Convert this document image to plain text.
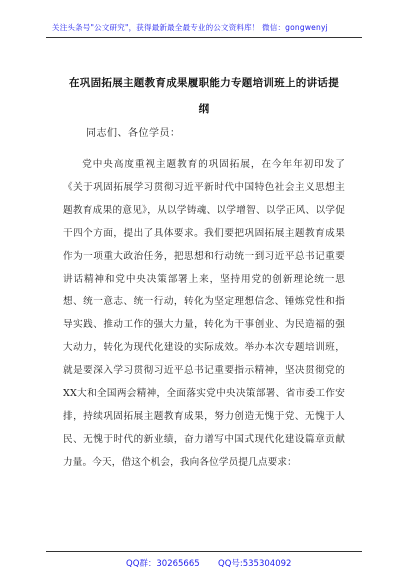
关注头条号"公文研究"，获得最新最全最专业的公文资料库！ 微信：gongwenyj
在巩固拓展主题教育成果履职能力专题培训班上的讲话提纲
同志们、各位学员：

党中央高度重视主题教育的巩固拓展，在今年年初印发了《关于巩固拓展学习贯彻习近平新时代中国特色社会主义思想主题教育成果的意见》，从以学铸魂、以学增智、以学正风、以学促干四个方面，提出了具体要求。我们要把巩固拓展主题教育成果作为一项重大政治任务，把思想和行动统一到习近平总书记重要讲话精神和党中央决策部署上来，坚持用党的创新理论统一思想、统一意志、统一行动，转化为坚定理想信念、锤炼党性和指导实践、推动工作的强大力量，转化为干事创业、为民造福的强大动力，转化为现代化建设的实际成效。举办本次专题培训班，就是要深入学习贯彻习近平总书记重要指示精神，坚决贯彻党的XX大和全国两会精神，全面落实党中央决策部署、省市委工作安排，持续巩固拓展主题教育成果，努力创造无愧于党、无愧于人民、无愧于时代的新业绩，奋力谱写中国式现代化建设篇章贡献力量。今天，借这个机会，我向各位学员提几点要求：

QQ群：30265665 QQ号:535304092
